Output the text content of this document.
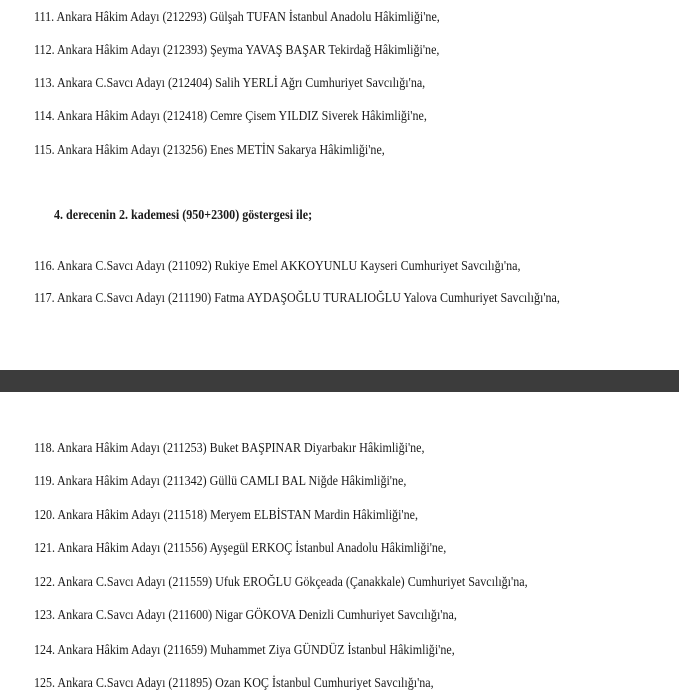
111. Ankara Hâkim Adayı (212293) Gülşah TUFAN İstanbul Anadolu Hâkimliği'ne,
112. Ankara Hâkim Adayı (212393) Şeyma YAVAŞ BAŞAR Tekirdağ Hâkimliği'ne,
113. Ankara C.Savcı Adayı (212404) Salih YERLİ Ağrı Cumhuriyet Savcılığı'na,
114. Ankara Hâkim Adayı (212418) Cemre Çisem YILDIZ Siverek Hâkimliği'ne,
115. Ankara Hâkim Adayı (213256) Enes METİN Sakarya Hâkimliği'ne,
4. derecenin 2. kademesi (950+2300) göstergesi ile;
116. Ankara C.Savcı Adayı (211092) Rukiye Emel AKKOYUNLU Kayseri Cumhuriyet Savcılığı'na,
117. Ankara C.Savcı Adayı (211190) Fatma AYDAŞOĞLU TURALIOĞLU Yalova Cumhuriyet Savcılığı'na,
118. Ankara Hâkim Adayı (211253) Buket BAŞPINAR Diyarbakır Hâkimliği'ne,
119. Ankara Hâkim Adayı (211342) Güllü CAMLI BAL Niğde Hâkimliği'ne,
120. Ankara Hâkim Adayı (211518) Meryem ELBİSTAN Mardin Hâkimliği'ne,
121. Ankara Hâkim Adayı (211556) Ayşegül ERKOÇ İstanbul Anadolu Hâkimliği'ne,
122. Ankara C.Savcı Adayı (211559) Ufuk EROĞLU Gökçeada (Çanakkale) Cumhuriyet Savcılığı'na,
123. Ankara C.Savcı Adayı (211600) Nigar GÖKOVA Denizli Cumhuriyet Savcılığı'na,
124. Ankara Hâkim Adayı (211659) Muhammet Ziya GÜNDÜZ İstanbul Hâkimliği'ne,
125. Ankara C.Savcı Adayı (211895) Ozan KOÇ İstanbul Cumhuriyet Savcılığı'na,
